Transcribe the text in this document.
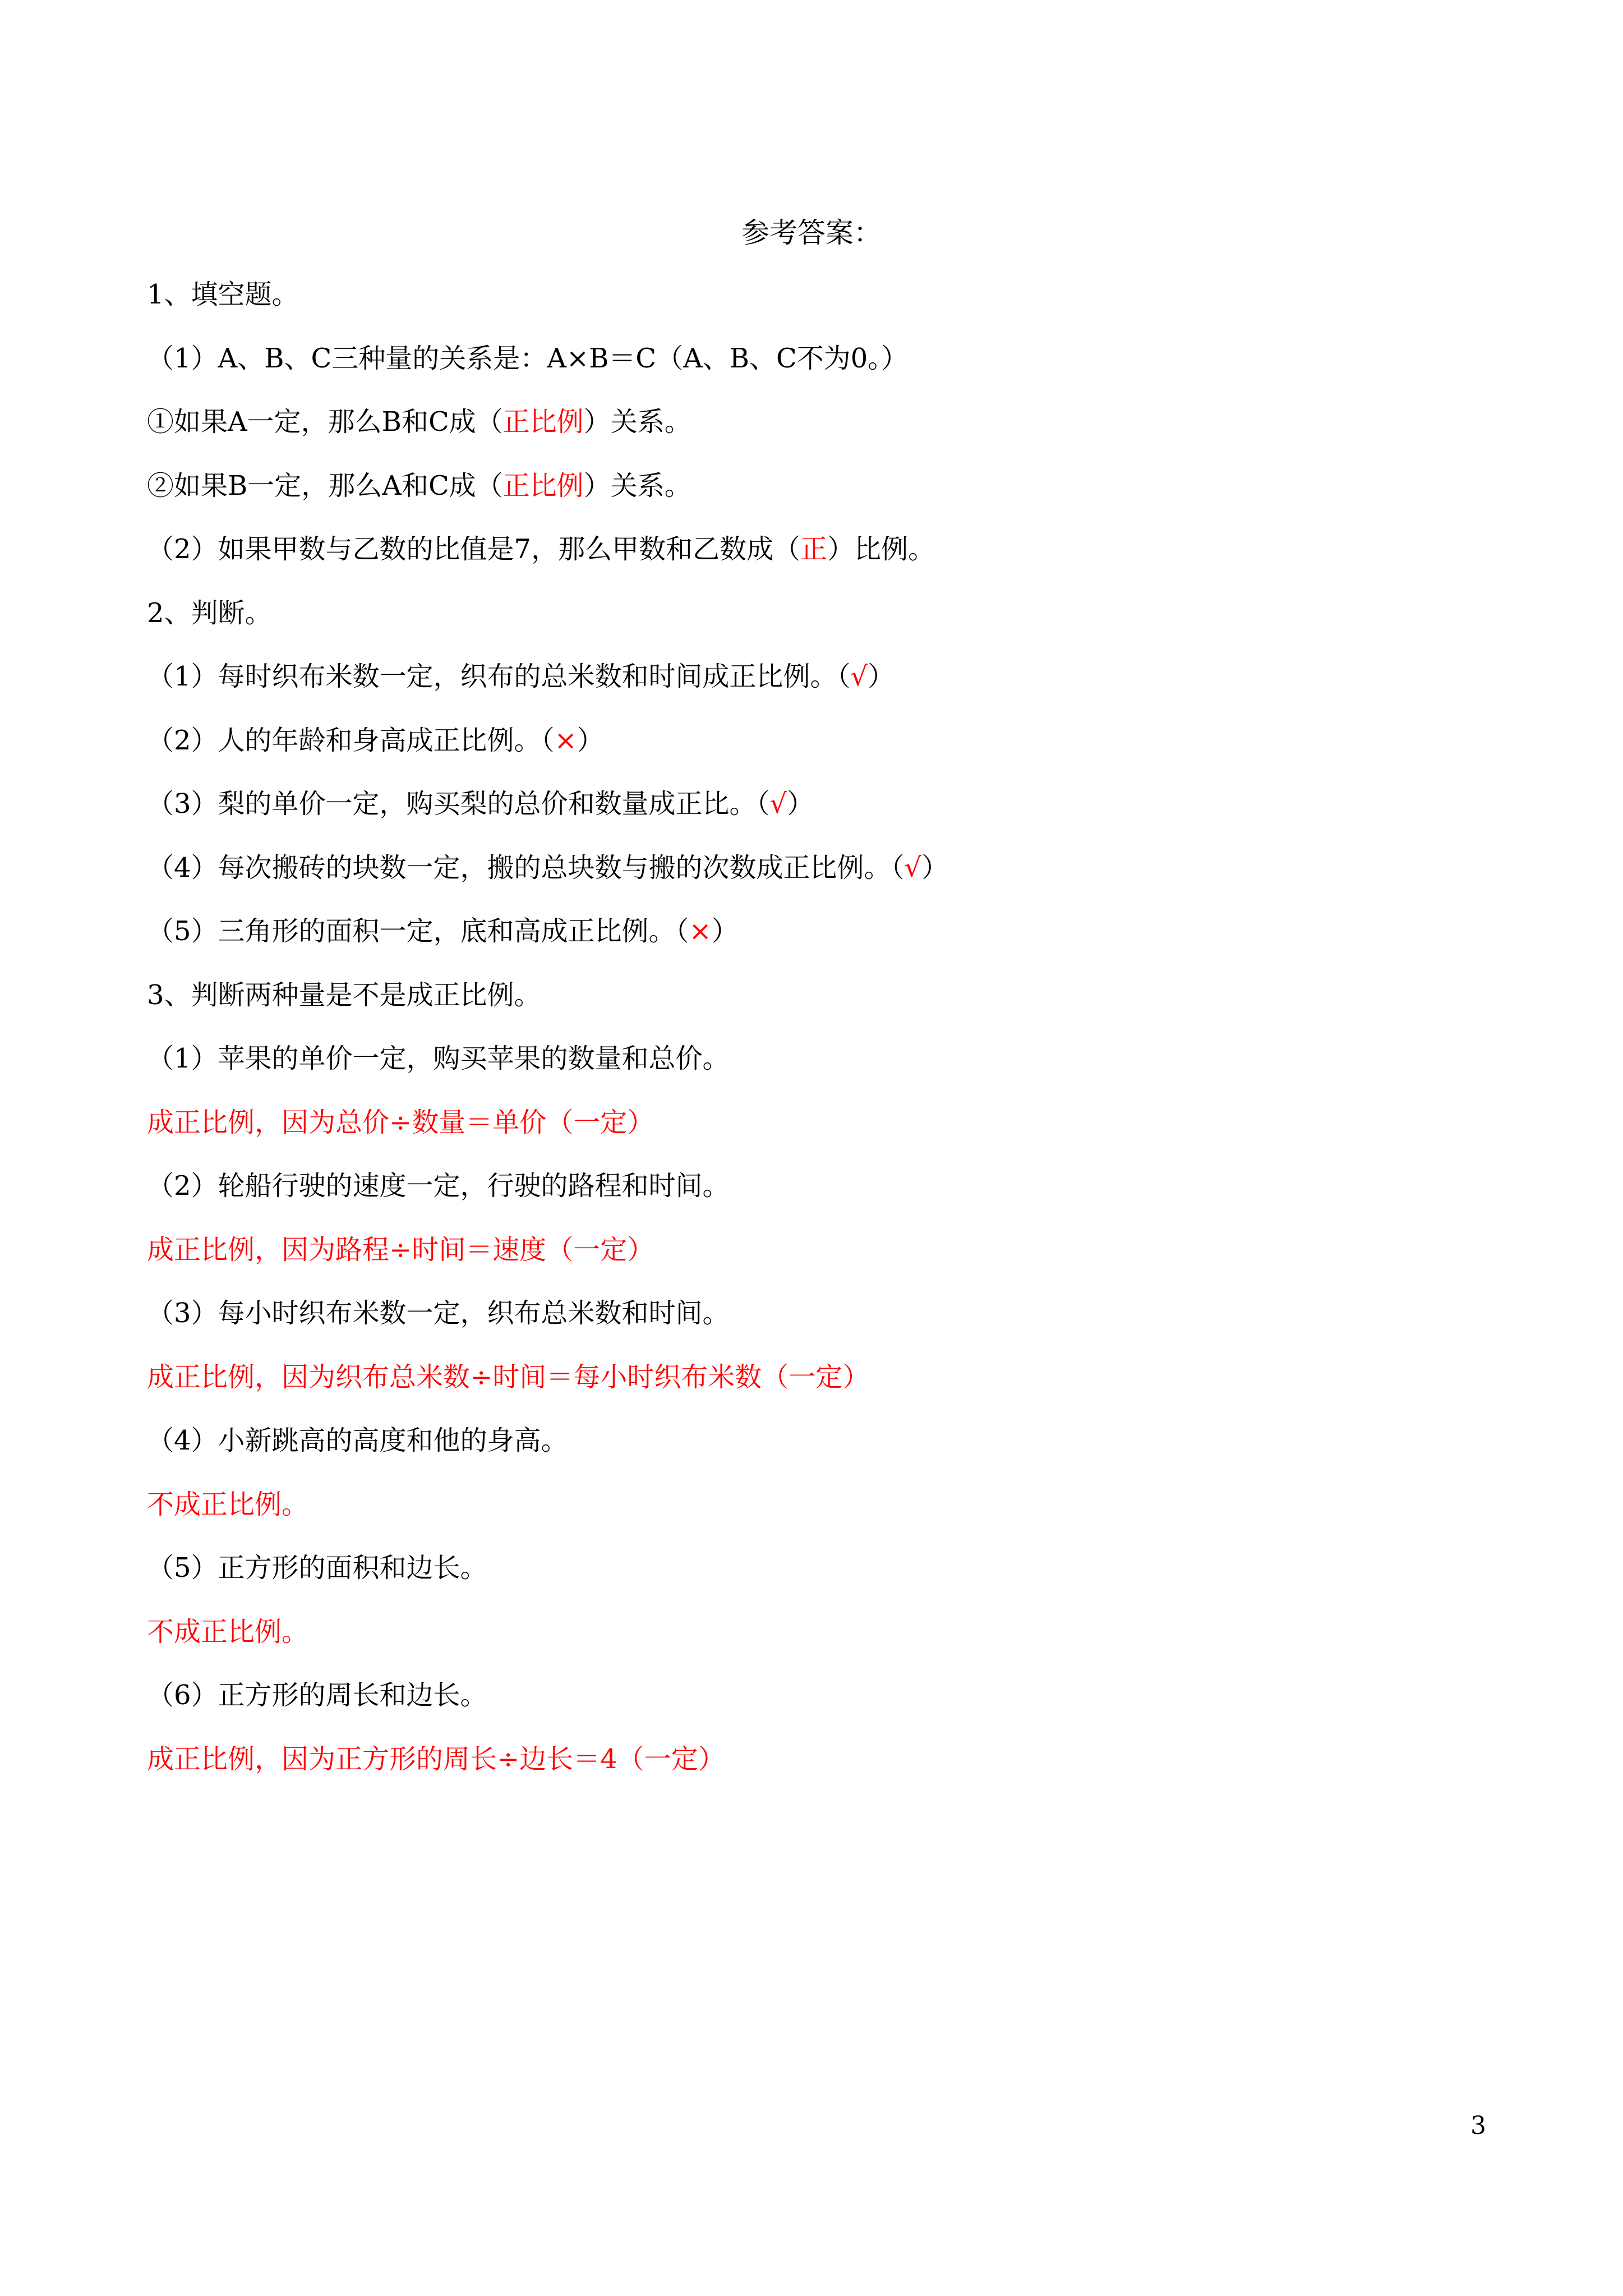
参考答案：
1、填空题。
（1）A、B、C三种量的关系是：A×B＝C（A、B、C不为0。）
①如果A一定，那么B和C成（正比例）关系。
②如果B一定，那么A和C成（正比例）关系。
（2）如果甲数与乙数的比值是7，那么甲数和乙数成（正）比例。
2、判断。
（1）每时织布米数一定，织布的总米数和时间成正比例。（√）
（2）人的年龄和身高成正比例。（×）
（3）梨的单价一定，购买梨的总价和数量成正比。（√）
（4）每次搬砖的块数一定，搬的总块数与搬的次数成正比例。（√）
（5）三角形的面积一定，底和高成正比例。（×）
3、判断两种量是不是成正比例。
（1）苹果的单价一定，购买苹果的数量和总价。
成正比例，因为总价÷数量＝单价（一定）
（2）轮船行驶的速度一定，行驶的路程和时间。
成正比例，因为路程÷时间＝速度（一定）
（3）每小时织布米数一定，织布总米数和时间。
成正比例，因为织布总米数÷时间＝每小时织布米数（一定）
（4）小新跳高的高度和他的身高。
不成正比例。
（5）正方形的面积和边长。
不成正比例。
（6）正方形的周长和边长。
成正比例，因为正方形的周长÷边长＝4（一定）
3
